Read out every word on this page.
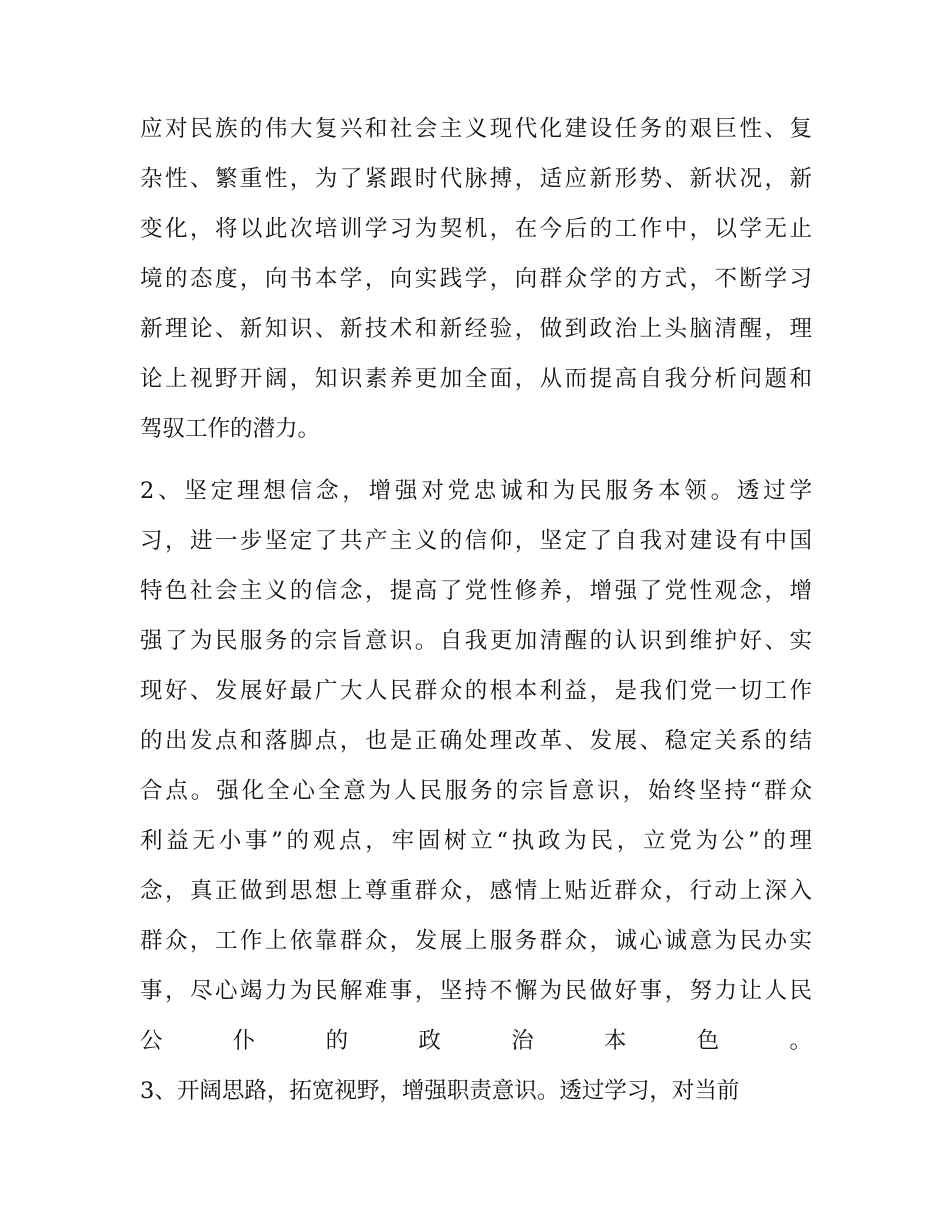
应对民族的伟大复兴和社会主义现代化建设任务的艰巨性、复
杂性、繁重性，为了紧跟时代脉搏，适应新形势、新状况，新
变化，将以此次培训学习为契机，在今后的工作中，以学无止
境的态度，向书本学，向实践学，向群众学的方式，不断学习
新理论、新知识、新技术和新经验，做到政治上头脑清醒，理
论上视野开阔，知识素养更加全面，从而提高自我分析问题和
驾驭工作的潜力。
2、坚定理想信念，增强对党忠诚和为民服务本领。透过学
习，进一步坚定了共产主义的信仰，坚定了自我对建设有中国
特色社会主义的信念，提高了党性修养，增强了党性观念，增
强了为民服务的宗旨意识。自我更加清醒的认识到维护好、实
现好、发展好最广大人民群众的根本利益，是我们党一切工作
的出发点和落脚点，也是正确处理改革、发展、稳定关系的结
合点。强化全心全意为人民服务的宗旨意识，始终坚持“群众
利益无小事”的观点，牢固树立“执政为民，立党为公”的理
念，真正做到思想上尊重群众，感情上贴近群众，行动上深入
群众，工作上依靠群众，发展上服务群众，诚心诚意为民办实
事，尽心竭力为民解难事，坚持不懈为民做好事，努力让人民
公仆的政治本色。
3、开阔思路，拓宽视野，增强职责意识。透过学习，对当前
